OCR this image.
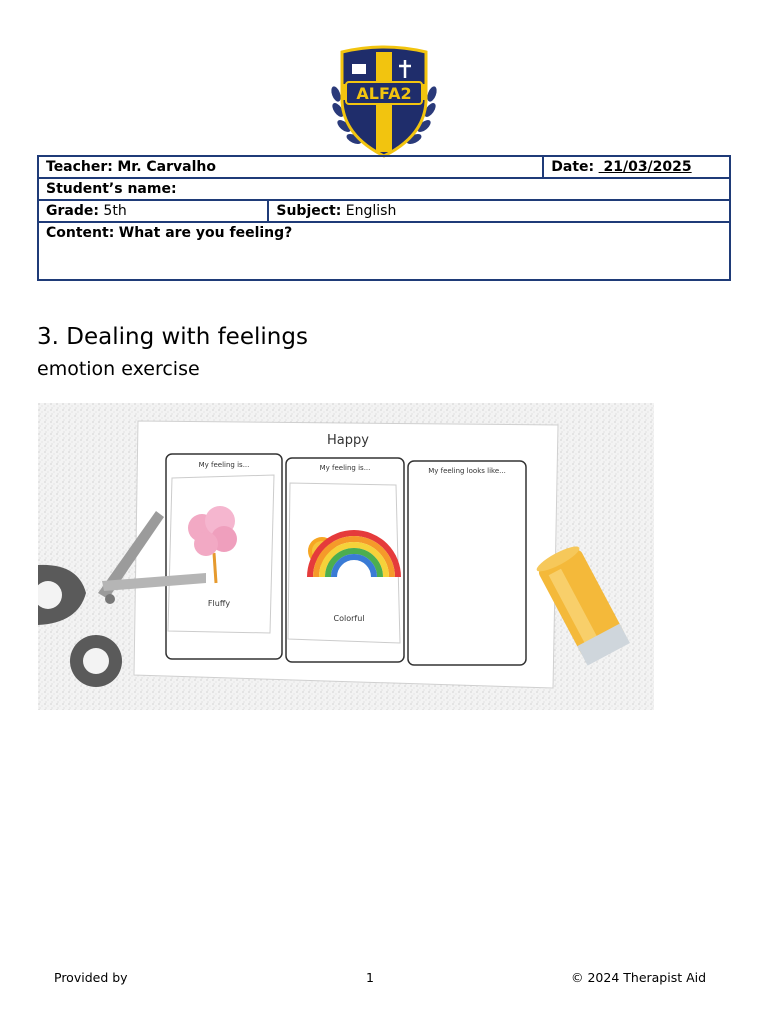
ALFA2
Teacher: Mr. Carvalho		Date:  21/03/2025
Student’s name:		
Grade: 5th	Subject: English	
Content: What are you feeling?		
3. Dealing with feelings
emotion exercise
Happy
My feeling is...	My feeling is...	My feeling looks like...
Fluffy
Colorful
Provided by	1	© 2024 Therapist Aid
